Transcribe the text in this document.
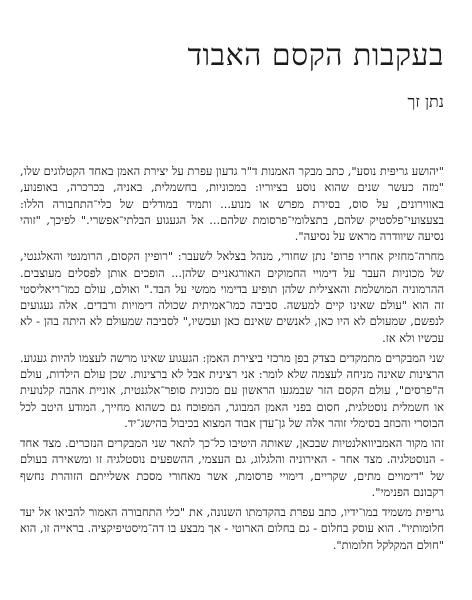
בעקבות הקסם האבוד
נתן זך

"יהושע גריפית נוסע", כתב מבקר האמנות ד"ר גדעון עפרת על יצירת האמן באחד הקטלוגים שלו, "מזה כעשר שנים שהוא נוסע בציוריו: במכוניות, בחשמלית, באניה, בכרכרה, באופנוע, באווירונים, על סוס, בסירת מפרש או מנוע... ותמיד במודלים של כלי־התחבורה הללו: בצעצועי־פלסטיק שלהם, בתצלומי־פרסומת שלהם... אל הגעגוע הבלתי־אפשרי." לפיכך, "זוהי נסיעה שיוודרה מראש על נסיעה".

מחרה־מחזיק אחריו פרופ' נתן שחורי, מנהל בצלאל לשעבר: "רופיין הקסום, הרומנטי והאלגנטי, של מכוניות העבר על דימויי החמוקים האורגאניים שלהן... הופכים אותן לפסלים מעוצבים. ההרמוניה המושלמת והאצילית שלהן תופיע בדימוי ממשי על הבד." ואולם, עולם כמו־ריאליסטי זה הוא "עולם שאינו קיים למעשה. סביבה כמו־אמיתית שכולה דימויות ורבדים. אלה געגועים לנפשם, שמעולם לא היו כאן, לאנשים שאינם כאן ועכשיו," לסביבה שמעולם לא היתה בהן - לא עכשיו ולא אז.

שני המבקרים מתמקדים בצדק בפן מרכזי ביצירת האמן: הגעגוע שאינו מרשה לעצמו להיות געגוע. הרצינות שאינה מניחה לעצמה שלא לומר: אני רצינית אבל לא ברצינות. שכן עולם הילדות, עולם ה"פרסים", עולם הקסם הזר שבמגעו הראשון עם מכונית סופר־אלגנטית, אוניית אהבה קלנועית או חשמלית נוסטלגית, חסום בפני האמן המבוגר, המפוכח גם כשהוא מחייך, המודע היטב לכל הבוסרי והכוזב בסימלי זוהר אלה של גן־עדן אבוד המצוא בכיבול בהישג־יד.

זהו מקור האמביוואלנטיות שבכאן, שאותה היטיבו כל־כך לתאר שני המבקרים הנזכרים. מצד אחד - הנוסטלגיה. מצד אחר - האירוניה והלגלוג, גם העצמי, ההשפעים נוסטלגיה זו ומשאירה בעולם של "דימויים מתים, שקריים, דימויי פרסומת, אשר מאחורי מסכת אשלייתם הזוהרת נחשף רקבונם הפנימי".

גריפית משמיד במו־ידיו, כתב עפרת בהקדמתו השנונה, את "כלי התחבורה האמור להביאו אל יעד חלומותיו". הוא עוסק בחלום - גם בחלום הארוטי - אך מבצע בו דה־מיסטיפיקציה. בראייה זו, הוא "חולם המקלקל חלומות".
